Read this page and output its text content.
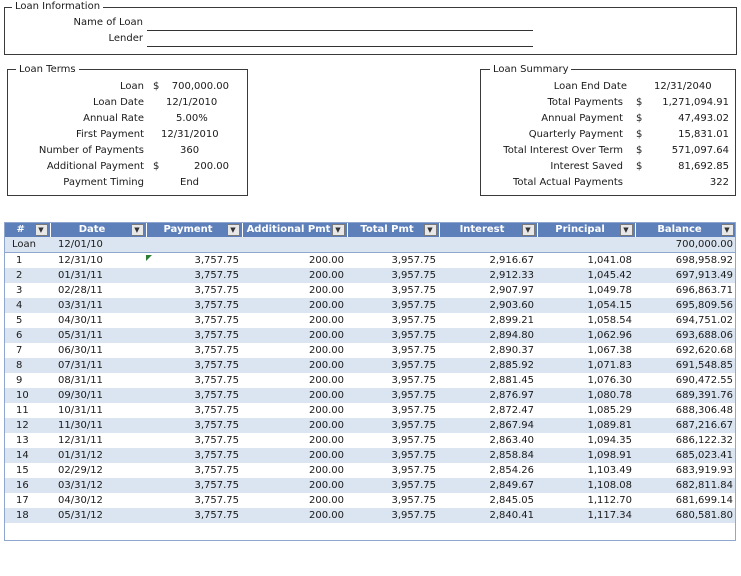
Loan Information
Name of Loan
Lender
Loan Terms
Loan $	700,000.00
Loan Date 12/1/2010
Annual Rate	5.00%
First Payment 12/31/2010
Number of Payments	360
Additional Payment $	200.00
Payment Timing	End
Loan Summary
Loan End Date	12/31/2040
Total Payments $	1,271,094.91
Annual Payment $	47,493.02
Quarterly Payment $	15,831.01
Total Interest Over Term $	571,097.64
Interest Saved $	81,692.85
Total Actual Payments	322
# ▼	Date ▼	Payment ▼	Additional Pmt ▼	Total Pmt ▼	Interest ▼	Principal ▼	Balance ▼

Loan	12/01/10						700,000.00
1	12/31/10	3,757.75	200.00	3,957.75	2,916.67	1,041.08	698,958.92
2	01/31/11	3,757.75	200.00	3,957.75	2,912.33	1,045.42	697,913.49
3	02/28/11	3,757.75	200.00	3,957.75	2,907.97	1,049.78	696,863.71
4	03/31/11	3,757.75	200.00	3,957.75	2,903.60	1,054.15	695,809.56
5	04/30/11	3,757.75	200.00	3,957.75	2,899.21	1,058.54	694,751.02
6	05/31/11	3,757.75	200.00	3,957.75	2,894.80	1,062.96	693,688.06
7	06/30/11	3,757.75	200.00	3,957.75	2,890.37	1,067.38	692,620.68
8	07/31/11	3,757.75	200.00	3,957.75	2,885.92	1,071.83	691,548.85
9	08/31/11	3,757.75	200.00	3,957.75	2,881.45	1,076.30	690,472.55
10	09/30/11	3,757.75	200.00	3,957.75	2,876.97	1,080.78	689,391.76
11	10/31/11	3,757.75	200.00	3,957.75	2,872.47	1,085.29	688,306.48
12	11/30/11	3,757.75	200.00	3,957.75	2,867.94	1,089.81	687,216.67
13	12/31/11	3,757.75	200.00	3,957.75	2,863.40	1,094.35	686,122.32
14	01/31/12	3,757.75	200.00	3,957.75	2,858.84	1,098.91	685,023.41
15	02/29/12	3,757.75	200.00	3,957.75	2,854.26	1,103.49	683,919.93
16	03/31/12	3,757.75	200.00	3,957.75	2,849.67	1,108.08	682,811.84
17	04/30/12	3,757.75	200.00	3,957.75	2,845.05	1,112.70	681,699.14
18	05/31/12	3,757.75	200.00	3,957.75	2,840.41	1,117.34	680,581.80
